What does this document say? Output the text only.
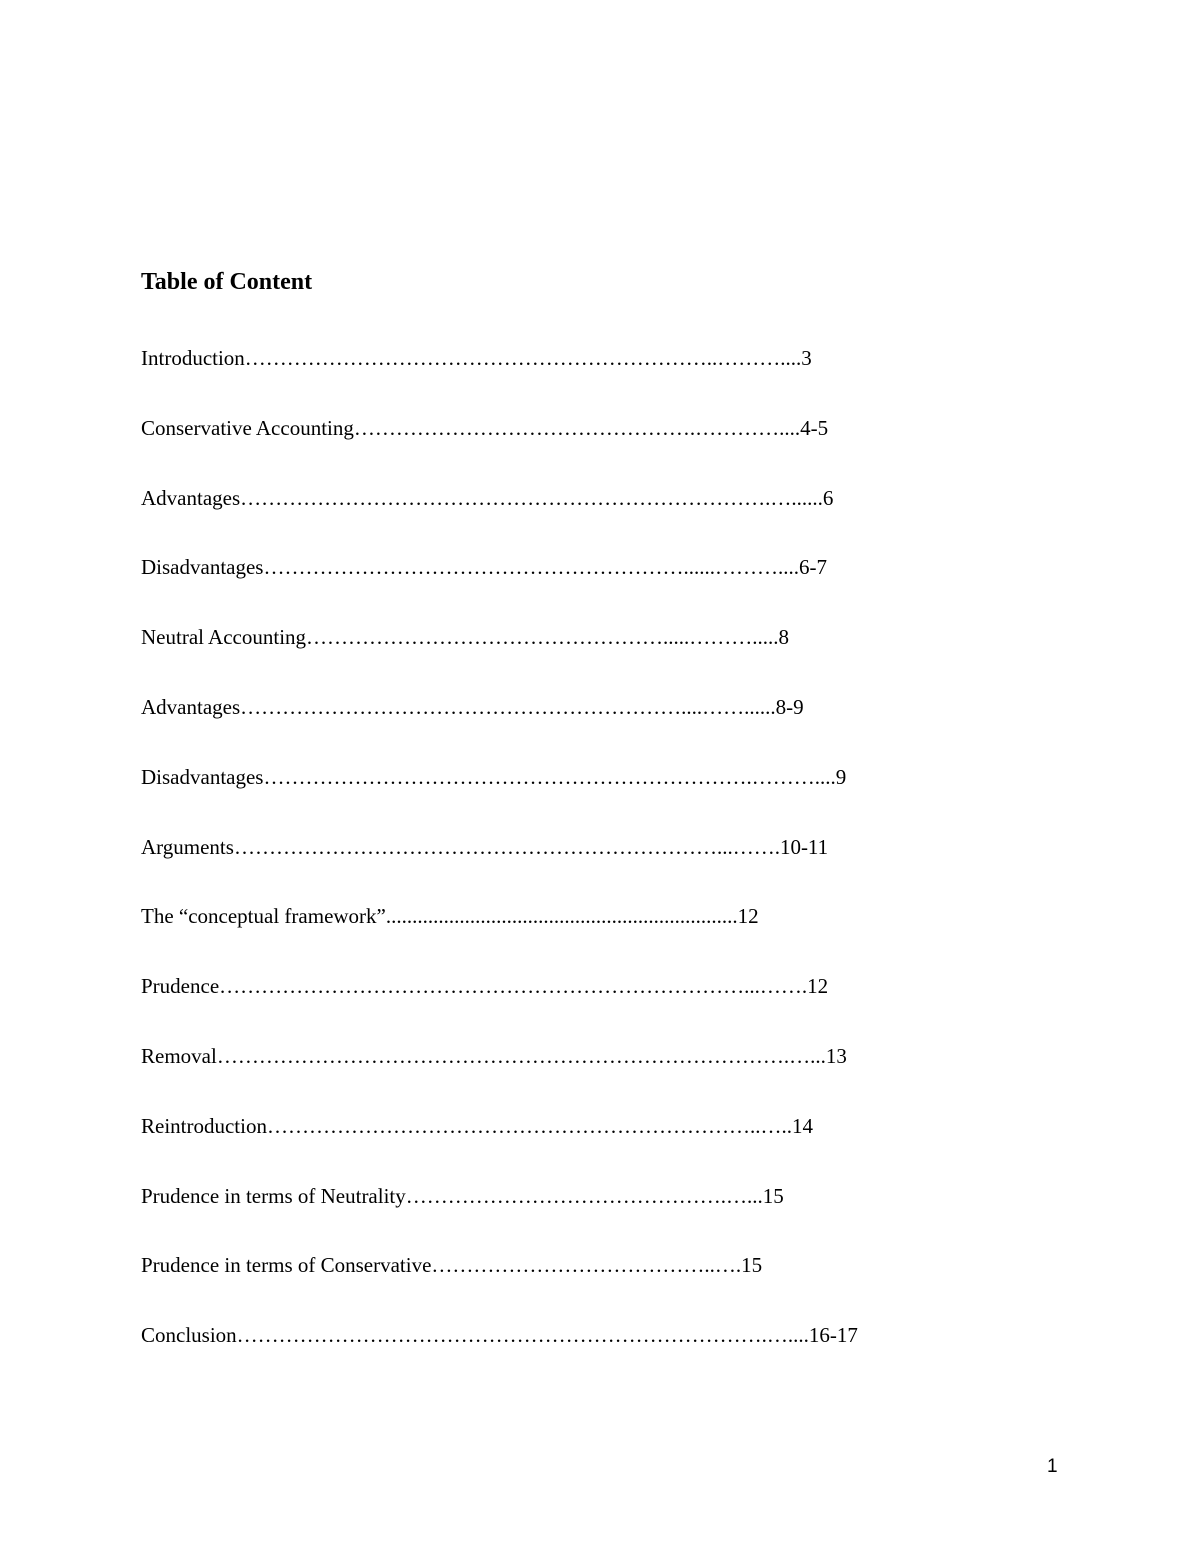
Table of Content
Introduction…………………………………………………………..………....3
Conservative Accounting………………………………………….…………....4-5
Advantages………………………………………………………………….…......6
Disadvantages……………………………………………………......………....6-7
Neutral Accounting…………………………………………….....……….....8
Advantages………………………………………………………....……......8-9
Disadvantages…………………………………………………………….………....9
Arguments……………………………………………………………...…….10-11
The “conceptual framework”...................................................................12
Prudence…………………………………………………………………...…….12
Removal……………………………………………………………………….…...13
Reintroduction……………………………………………………………..…..14
Prudence in terms of Neutrality……………………………………….…...15
Prudence in terms of Conservative…………………………………..….15
Conclusion………………………………………………………………….…....16-17
1
